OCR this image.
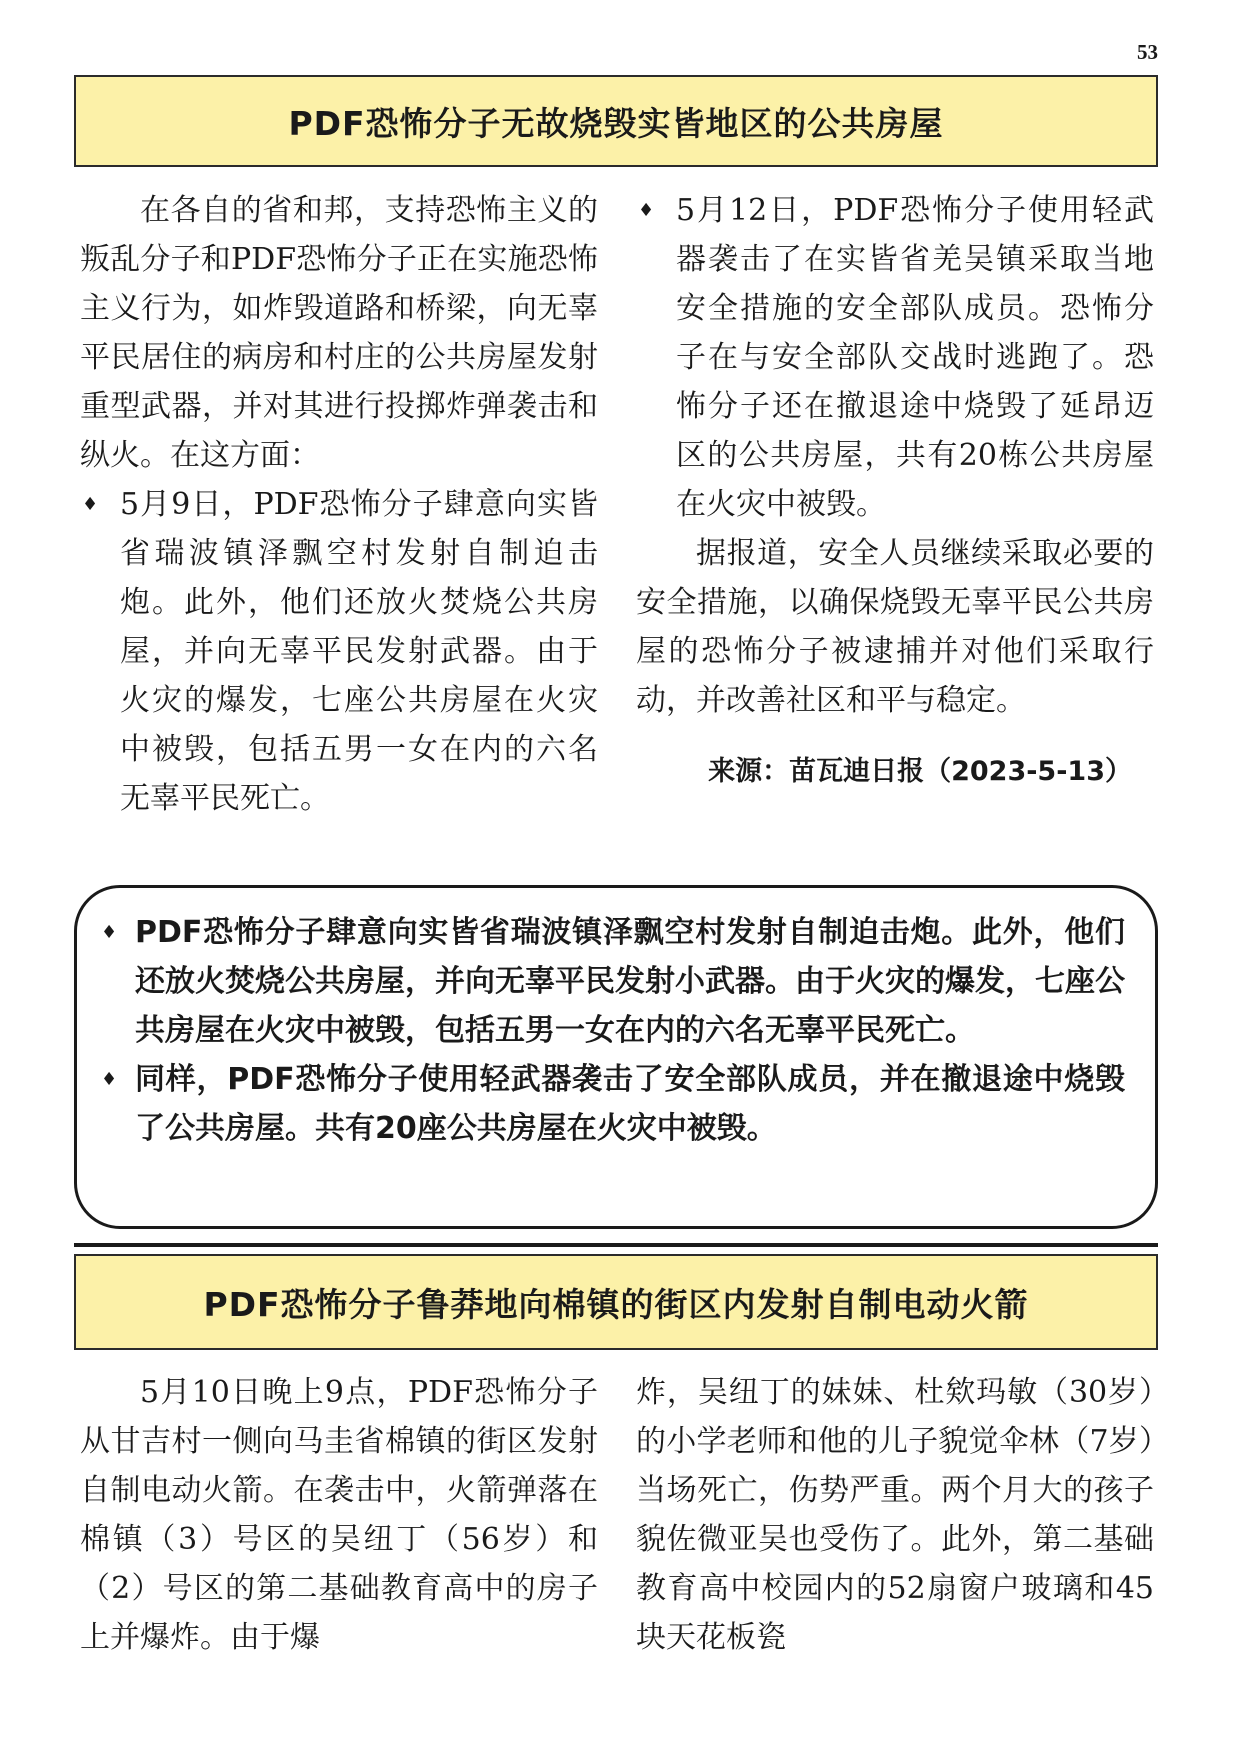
53
PDF恐怖分子无故烧毁实皆地区的公共房屋

在各自的省和邦，支持恐怖主义的叛乱分子和PDF恐怖分子正在实施恐怖主义行为，如炸毁道路和桥梁，向无辜平民居住的病房和村庄的公共房屋发射重型武器，并对其进行投掷炸弹袭击和纵火。在这方面：

♦ 5月9日，PDF恐怖分子肆意向实皆省瑞波镇泽飘空村发射自制迫击炮。此外，他们还放火焚烧公共房屋，并向无辜平民发射武器。由于火灾的爆发，七座公共房屋在火灾中被毁，包括五男一女在内的六名无辜平民死亡。

♦ 5月12日，PDF恐怖分子使用轻武器袭击了在实皆省羌吴镇采取当地安全措施的安全部队成员。恐怖分子在与安全部队交战时逃跑了。恐怖分子还在撤退途中烧毁了延昂迈区的公共房屋，共有20栋公共房屋在火灾中被毁。

据报道，安全人员继续采取必要的安全措施，以确保烧毁无辜平民公共房屋的恐怖分子被逮捕并对他们采取行动，并改善社区和平与稳定。

来源：苗瓦迪日报（2023-5-13）

♦ PDF恐怖分子肆意向实皆省瑞波镇泽飘空村发射自制迫击炮。此外，他们还放火焚烧公共房屋，并向无辜平民发射小武器。由于火灾的爆发，七座公共房屋在火灾中被毁，包括五男一女在内的六名无辜平民死亡。

♦ 同样，PDF恐怖分子使用轻武器袭击了安全部队成员，并在撤退途中烧毁了公共房屋。共有20座公共房屋在火灾中被毁。

PDF恐怖分子鲁莽地向棉镇的街区内发射自制电动火箭

5月10日晚上9点，PDF恐怖分子从甘吉村一侧向马圭省棉镇的街区发射自制电动火箭。在袭击中，火箭弹落在棉镇（3）号区的吴纽丁（56岁）和（2）号区的第二基础教育高中的房子上并爆炸。由于爆

炸，吴纽丁的妹妹、杜欸玛敏（30岁）的小学老师和他的儿子貌觉伞林（7岁）当场死亡，伤势严重。两个月大的孩子貌佐微亚吴也受伤了。此外，第二基础教育高中校园内的52扇窗户玻璃和45块天花板瓷
